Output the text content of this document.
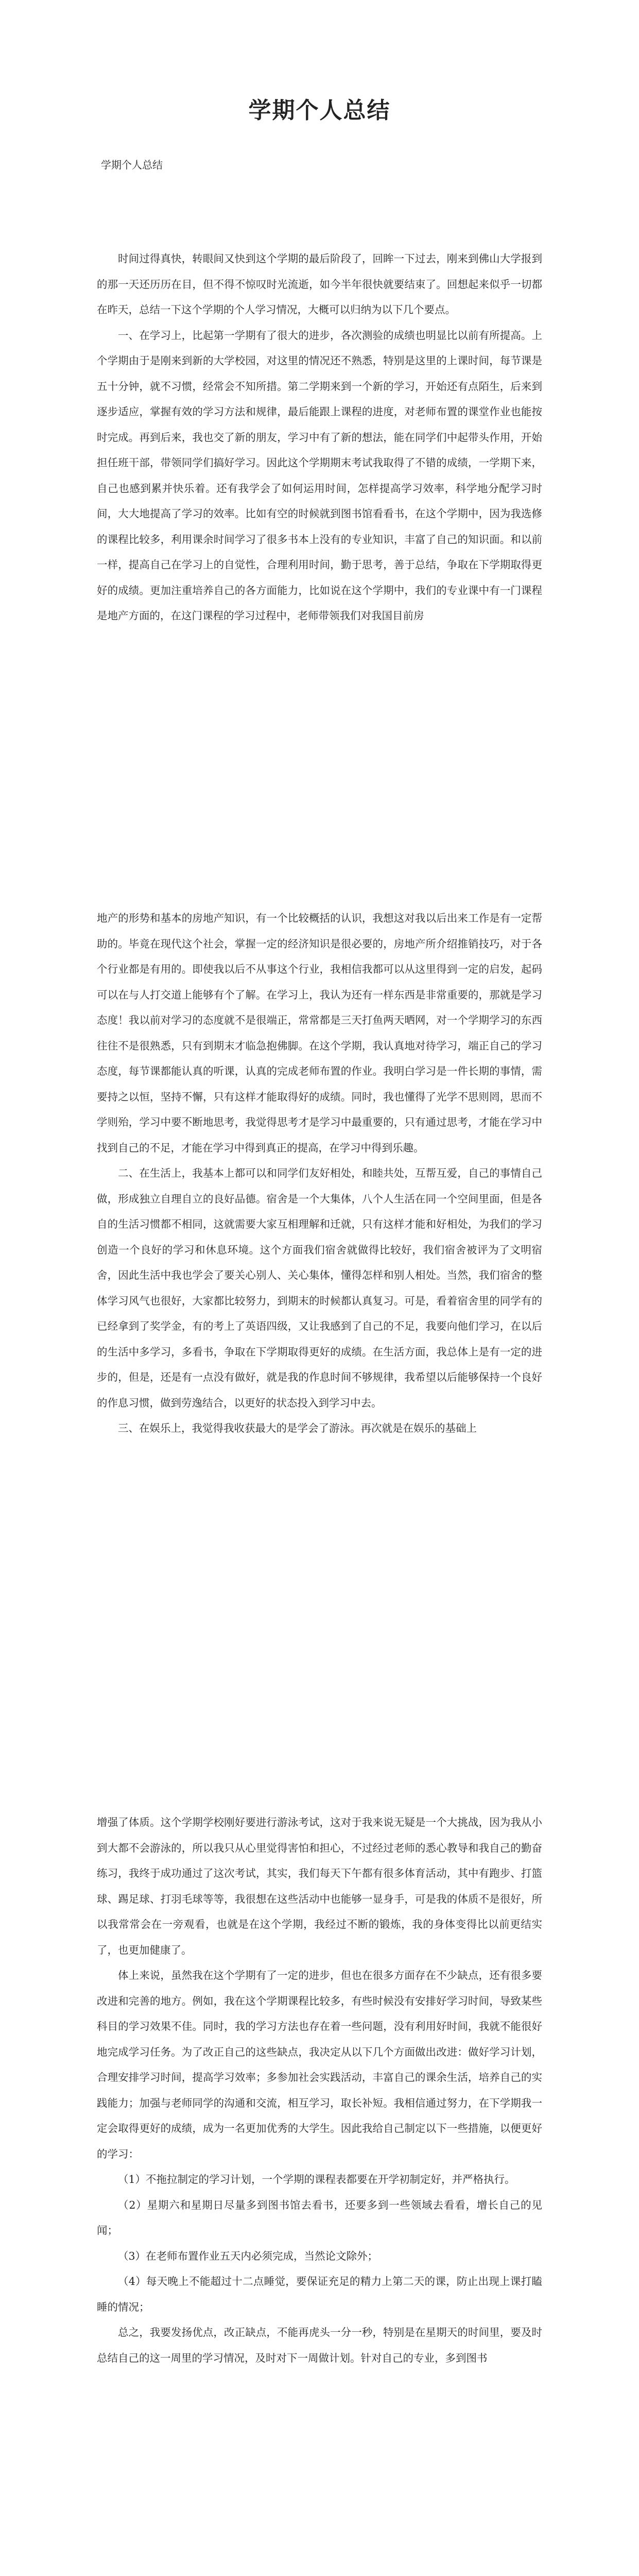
学期个人总结

学期个人总结

时间过得真快，转眼间又快到这个学期的最后阶段了，回眸一下过去，刚来到佛山大学报到的那一天还历历在目，但不得不惊叹时光流逝，如今半年很快就要结束了。回想起来似乎一切都在昨天，总结一下这个学期的个人学习情况，大概可以归纳为以下几个要点。

一、在学习上，比起第一学期有了很大的进步，各次测验的成绩也明显比以前有所提高。上个学期由于是刚来到新的大学校园，对这里的情况还不熟悉，特别是这里的上课时间，每节课是五十分钟，就不习惯，经常会不知所措。第二学期来到一个新的学习，开始还有点陌生，后来到逐步适应，掌握有效的学习方法和规律，最后能跟上课程的进度，对老师布置的课堂作业也能按时完成。再到后来，我也交了新的朋友，学习中有了新的想法，能在同学们中起带头作用，开始担任班干部，带领同学们搞好学习。因此这个学期期末考试我取得了不错的成绩，一学期下来，自己也感到累并快乐着。还有我学会了如何运用时间，怎样提高学习效率，科学地分配学习时间，大大地提高了学习的效率。比如有空的时候就到图书馆看看书，在这个学期中，因为我选修的课程比较多，利用课余时间学习了很多书本上没有的专业知识，丰富了自己的知识面。和以前一样，提高自己在学习上的自觉性，合理利用时间，勤于思考，善于总结，争取在下学期取得更好的成绩。更加注重培养自己的各方面能力，比如说在这个学期中，我们的专业课中有一门课程是地产方面的，在这门课程的学习过程中，老师带领我们对我国目前房

地产的形势和基本的房地产知识，有一个比较概括的认识，我想这对我以后出来工作是有一定帮助的。毕竟在现代这个社会，掌握一定的经济知识是很必要的，房地产所介绍推销技巧，对于各个行业都是有用的。即使我以后不从事这个行业，我相信我都可以从这里得到一定的启发，起码可以在与人打交道上能够有个了解。在学习上，我认为还有一样东西是非常重要的，那就是学习态度！我以前对学习的态度就不是很端正，常常都是三天打鱼两天晒网，对一个学期学习的东西往往不是很熟悉，只有到期末才临急抱佛脚。在这个学期，我认真地对待学习，端正自己的学习态度，每节课都能认真的听课，认真的完成老师布置的作业。我明白学习是一件长期的事情，需要持之以恒，坚持不懈，只有这样才能取得好的成绩。同时，我也懂得了光学不思则罔，思而不学则殆，学习中要不断地思考，我觉得思考才是学习中最重要的，只有通过思考，才能在学习中找到自己的不足，才能在学习中得到真正的提高，在学习中得到乐趣。

二、在生活上，我基本上都可以和同学们友好相处，和睦共处，互帮互爱，自己的事情自己做，形成独立自理自立的良好品德。宿舍是一个大集体，八个人生活在同一个空间里面，但是各自的生活习惯都不相同，这就需要大家互相理解和迁就，只有这样才能和好相处，为我们的学习创造一个良好的学习和休息环境。这个方面我们宿舍就做得比较好，我们宿舍被评为了文明宿舍，因此生活中我也学会了要关心别人、关心集体，懂得怎样和别人相处。当然，我们宿舍的整体学习风气也很好，大家都比较努力，到期末的时候都认真复习。可是，看着宿舍里的同学有的已经拿到了奖学金，有的考上了英语四级，又让我感到了自己的不足，我要向他们学习，在以后的生活中多学习，多看书，争取在下学期取得更好的成绩。在生活方面，我总体上是有一定的进步的，但是，还是有一点没有做好，就是我的作息时间不够规律，我希望以后能够保持一个良好的作息习惯，做到劳逸结合，以更好的状态投入到学习中去。

三、在娱乐上，我觉得我收获最大的是学会了游泳。再次就是在娱乐的基础上

增强了体质。这个学期学校刚好要进行游泳考试，这对于我来说无疑是一个大挑战，因为我从小到大都不会游泳的，所以我只从心里觉得害怕和担心，不过经过老师的悉心教导和我自己的勤奋练习，我终于成功通过了这次考试，其实，我们每天下午都有很多体育活动，其中有跑步、打篮球、踢足球、打羽毛球等等，我很想在这些活动中也能够一显身手，可是我的体质不是很好，所以我常常会在一旁观看，也就是在这个学期，我经过不断的锻炼，我的身体变得比以前更结实了，也更加健康了。

体上来说，虽然我在这个学期有了一定的进步，但也在很多方面存在不少缺点，还有很多要改进和完善的地方。例如，我在这个学期课程比较多，有些时候没有安排好学习时间，导致某些科目的学习效果不佳。同时，我的学习方法也存在着一些问题，没有利用好时间，我就不能很好地完成学习任务。为了改正自己的这些缺点，我决定从以下几个方面做出改进：做好学习计划，合理安排学习时间，提高学习效率；多参加社会实践活动，丰富自己的课余生活，培养自己的实践能力；加强与老师同学的沟通和交流，相互学习，取长补短。我相信通过努力，在下学期我一定会取得更好的成绩，成为一名更加优秀的大学生。因此我给自己制定以下一些措施，以便更好的学习：

（1）不拖拉制定的学习计划，一个学期的课程表都要在开学初制定好，并严格执行。

（2）星期六和星期日尽量多到图书馆去看书，还要多到一些领域去看看，增长自己的见闻；

（3）在老师布置作业五天内必须完成，当然论文除外；

（4）每天晚上不能超过十二点睡觉，要保证充足的精力上第二天的课，防止出现上课打瞌睡的情况；

总之，我要发扬优点，改正缺点，不能再虎头一分一秒，特别是在星期天的时间里，要及时总结自己的这一周里的学习情况，及时对下一周做计划。针对自己的专业，多到图书
